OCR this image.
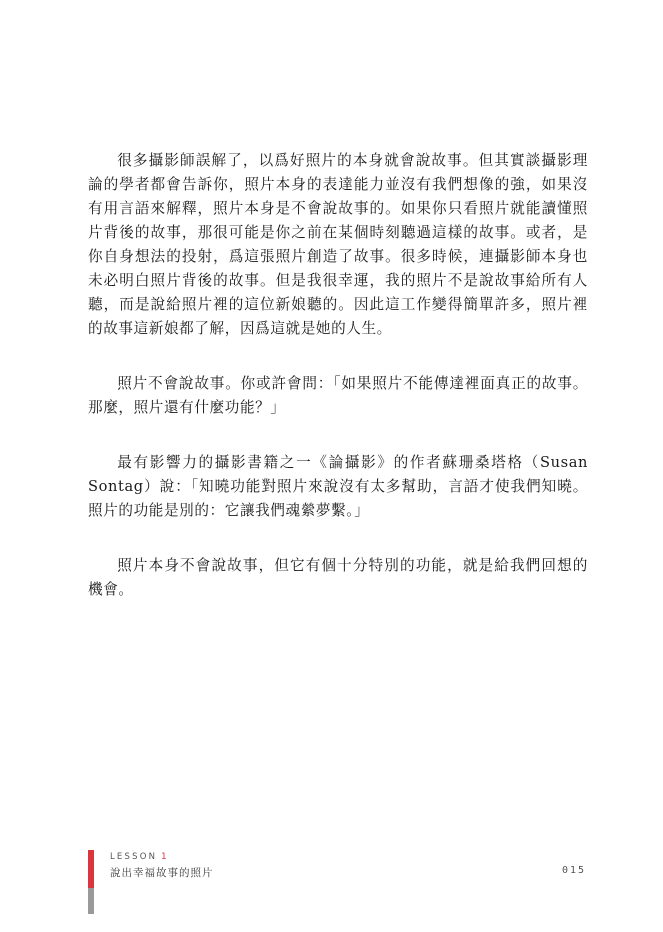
很多攝影師誤解了，以爲好照片的本身就會說故事。但其實談攝影理論的學者都會告訴你，照片本身的表達能力並沒有我們想像的強，如果沒有用言語來解釋，照片本身是不會說故事的。如果你只看照片就能讀懂照片背後的故事，那很可能是你之前在某個時刻聽過這樣的故事。或者，是你自身想法的投射，爲這張照片創造了故事。很多時候，連攝影師本身也未必明白照片背後的故事。但是我很幸運，我的照片不是說故事給所有人聽，而是說給照片裡的這位新娘聽的。因此這工作變得簡單許多，照片裡的故事這新娘都了解，因爲這就是她的人生。

照片不會說故事。你或許會問：「如果照片不能傳達裡面真正的故事。那麼，照片還有什麼功能？」

最有影響力的攝影書籍之一《論攝影》的作者蘇珊桑塔格（Susan Sontag）說：「知曉功能對照片來說沒有太多幫助，言語才使我們知曉。照片的功能是別的：它讓我們魂縈夢繫。」

照片本身不會說故事，但它有個十分特別的功能，就是給我們回想的機會。

LESSON 1
說出幸福故事的照片	015
